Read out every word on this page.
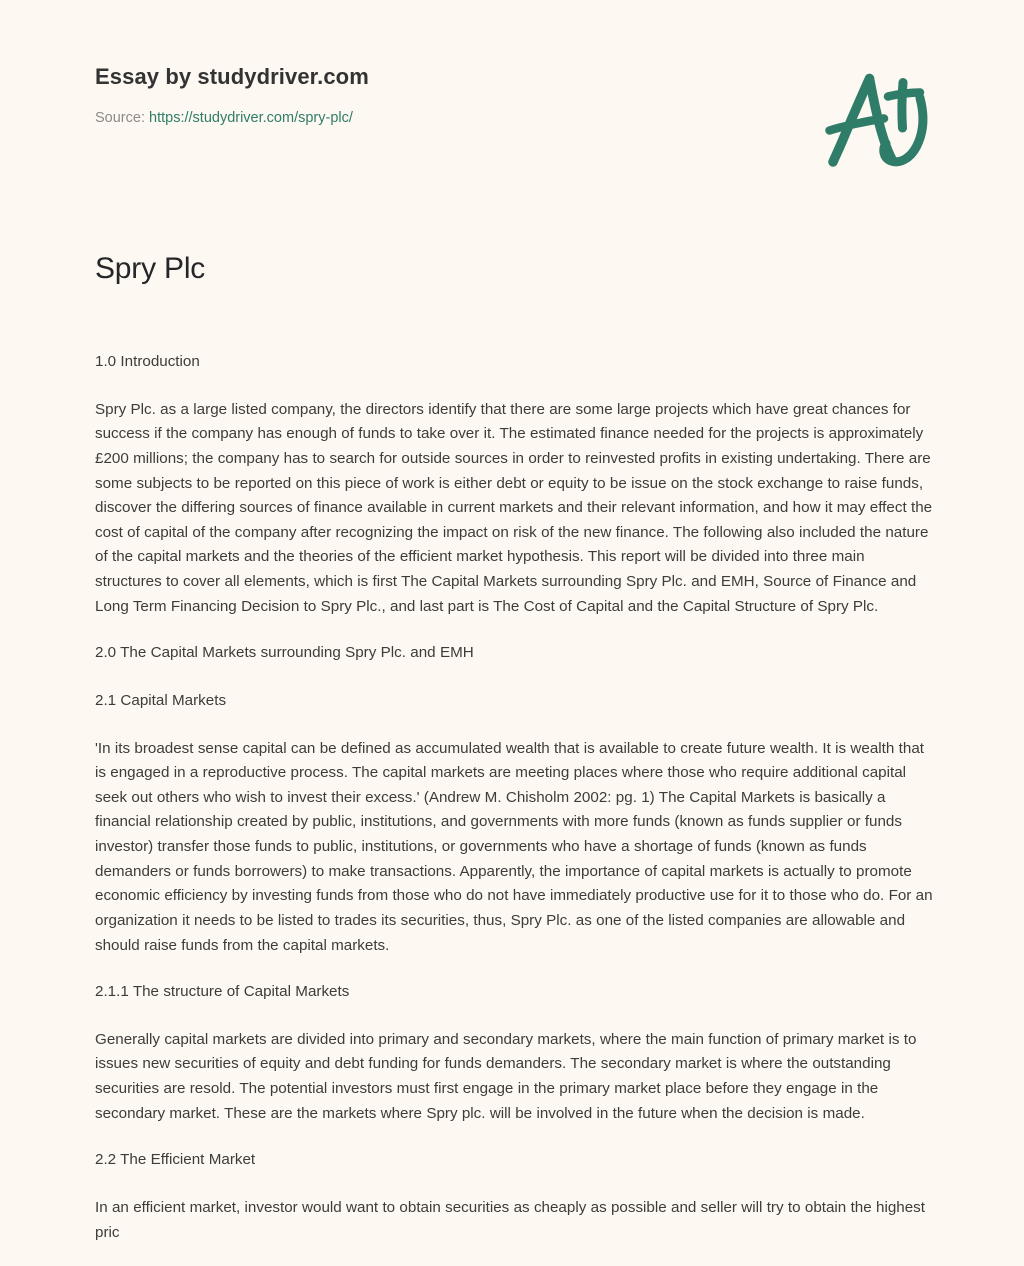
Essay by studydriver.com
Source: https://studydriver.com/spry-plc/
Spry Plc

1.0 Introduction

Spry Plc. as a large listed company, the directors identify that there are some large projects which have great chances for success if the company has enough of funds to take over it. The estimated finance needed for the projects is approximately £200 millions; the company has to search for outside sources in order to reinvested profits in existing undertaking. There are some subjects to be reported on this piece of work is either debt or equity to be issue on the stock exchange to raise funds, discover the differing sources of finance available in current markets and their relevant information, and how it may effect the cost of capital of the company after recognizing the impact on risk of the new finance. The following also included the nature of the capital markets and the theories of the efficient market hypothesis. This report will be divided into three main structures to cover all elements, which is first The Capital Markets surrounding Spry Plc. and EMH, Source of Finance and Long Term Financing Decision to Spry Plc., and last part is The Cost of Capital and the Capital Structure of Spry Plc.

2.0 The Capital Markets surrounding Spry Plc. and EMH

2.1 Capital Markets

'In its broadest sense capital can be defined as accumulated wealth that is available to create future wealth. It is wealth that is engaged in a reproductive process. The capital markets are meeting places where those who require additional capital seek out others who wish to invest their excess.' (Andrew M. Chisholm 2002: pg. 1) The Capital Markets is basically a financial relationship created by public, institutions, and governments with more funds (known as funds supplier or funds investor) transfer those funds to public, institutions, or governments who have a shortage of funds (known as funds demanders or funds borrowers) to make transactions. Apparently, the importance of capital markets is actually to promote economic efficiency by investing funds from those who do not have immediately productive use for it to those who do. For an organization it needs to be listed to trades its securities, thus, Spry Plc. as one of the listed companies are allowable and should raise funds from the capital markets.

2.1.1 The structure of Capital Markets

Generally capital markets are divided into primary and secondary markets, where the main function of primary market is to issues new securities of equity and debt funding for funds demanders. The secondary market is where the outstanding securities are resold. The potential investors must first engage in the primary market place before they engage in the secondary market. These are the markets where Spry plc. will be involved in the future when the decision is made.

2.2 The Efficient Market

In an efficient market, investor would want to obtain securities as cheaply as possible and seller will try to obtain the highest pric
